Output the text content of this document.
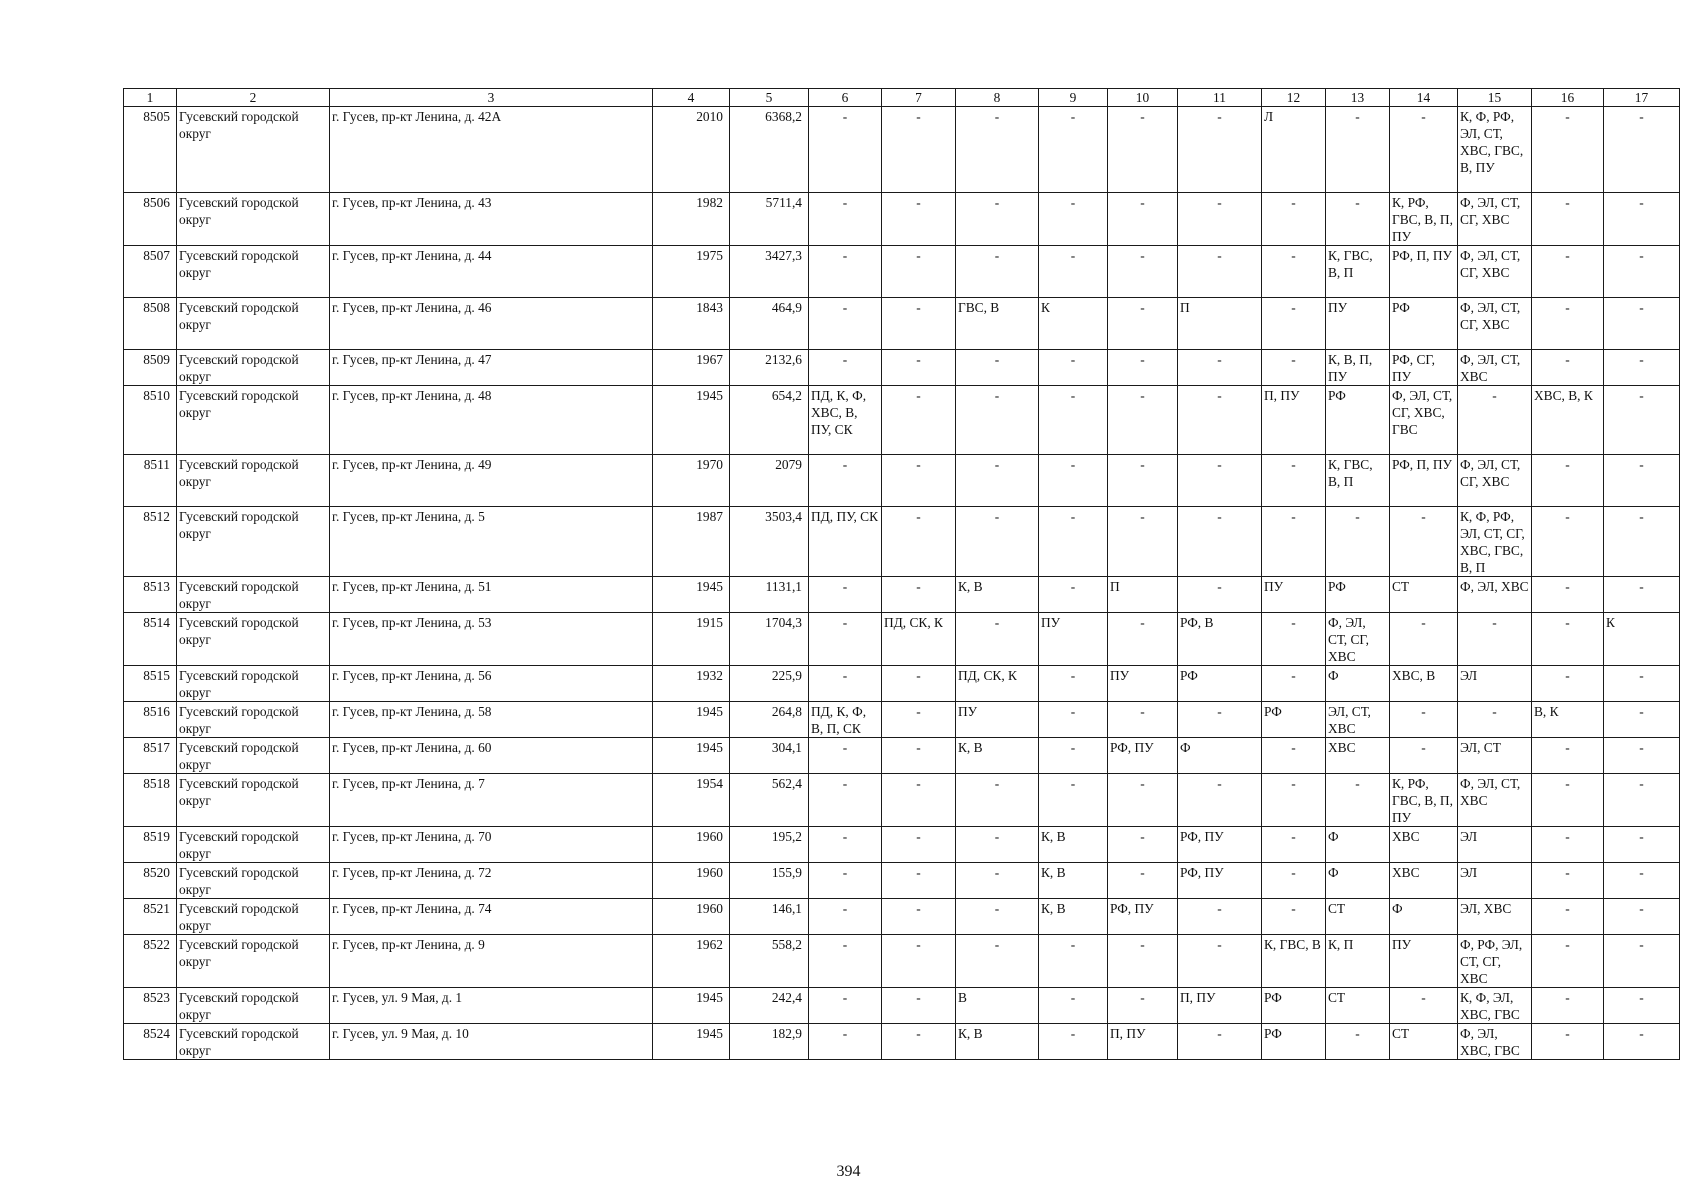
1	2	3	4	5	6	7	8	9	10	11	12	13	14	15	16	17
8505	Гусевский городской округ	г. Гусев, пр-кт Ленина, д. 42А	2010	6368,2	-	-	-	-	-	-	Л	-	-	К, Ф, РФ, ЭЛ, СТ, ХВС, ГВС, В, ПУ	-	-
8506	Гусевский городской округ	г. Гусев, пр-кт Ленина, д. 43	1982	5711,4	-	-	-	-	-	-	-	-	К, РФ, ГВС, В, П, ПУ	Ф, ЭЛ, СТ, СГ, ХВС	-	-
8507	Гусевский городской округ	г. Гусев, пр-кт Ленина, д. 44	1975	3427,3	-	-	-	-	-	-	-	К, ГВС, В, П	РФ, П, ПУ	Ф, ЭЛ, СТ, СГ, ХВС	-	-
8508	Гусевский городской округ	г. Гусев, пр-кт Ленина, д. 46	1843	464,9	-	-	ГВС, В	К	-	П	-	ПУ	РФ	Ф, ЭЛ, СТ, СГ, ХВС	-	-
8509	Гусевский городской округ	г. Гусев, пр-кт Ленина, д. 47	1967	2132,6	-	-	-	-	-	-	-	К, В, П, ПУ	РФ, СГ, ПУ	Ф, ЭЛ, СТ, ХВС	-	-
8510	Гусевский городской округ	г. Гусев, пр-кт Ленина, д. 48	1945	654,2	ПД, К, Ф, ХВС, В, ПУ, СК	-	-	-	-	-	П, ПУ	РФ	Ф, ЭЛ, СТ, СГ, ХВС, ГВС	-	ХВС, В, К	-
8511	Гусевский городской округ	г. Гусев, пр-кт Ленина, д. 49	1970	2079	-	-	-	-	-	-	-	К, ГВС, В, П	РФ, П, ПУ	Ф, ЭЛ, СТ, СГ, ХВС	-	-
8512	Гусевский городской округ	г. Гусев, пр-кт Ленина, д. 5	1987	3503,4	ПД, ПУ, СК	-	-	-	-	-	-	-	-	К, Ф, РФ, ЭЛ, СТ, СГ, ХВС, ГВС, В, П	-	-
8513	Гусевский городской округ	г. Гусев, пр-кт Ленина, д. 51	1945	1131,1	-	-	К, В	-	П	-	ПУ	РФ	СТ	Ф, ЭЛ, ХВС	-	-
8514	Гусевский городской округ	г. Гусев, пр-кт Ленина, д. 53	1915	1704,3	-	ПД, СК, К	-	ПУ	-	РФ, В	-	Ф, ЭЛ, СТ, СГ, ХВС	-	-	-	К
8515	Гусевский городской округ	г. Гусев, пр-кт Ленина, д. 56	1932	225,9	-	-	ПД, СК, К	-	ПУ	РФ	-	Ф	ХВС, В	ЭЛ	-	-
8516	Гусевский городской округ	г. Гусев, пр-кт Ленина, д. 58	1945	264,8	ПД, К, Ф, В, П, СК	-	ПУ	-	-	-	РФ	ЭЛ, СТ, ХВС	-	-	В, К	-
8517	Гусевский городской округ	г. Гусев, пр-кт Ленина, д. 60	1945	304,1	-	-	К, В	-	РФ, ПУ	Ф	-	ХВС	-	ЭЛ, СТ	-	-
8518	Гусевский городской округ	г. Гусев, пр-кт Ленина, д. 7	1954	562,4	-	-	-	-	-	-	-	-	К, РФ, ГВС, В, П, ПУ	Ф, ЭЛ, СТ, ХВС	-	-
8519	Гусевский городской округ	г. Гусев, пр-кт Ленина, д. 70	1960	195,2	-	-	-	К, В	-	РФ, ПУ	-	Ф	ХВС	ЭЛ	-	-
8520	Гусевский городской округ	г. Гусев, пр-кт Ленина, д. 72	1960	155,9	-	-	-	К, В	-	РФ, ПУ	-	Ф	ХВС	ЭЛ	-	-
8521	Гусевский городской округ	г. Гусев, пр-кт Ленина, д. 74	1960	146,1	-	-	-	К, В	РФ, ПУ	-	-	СТ	Ф	ЭЛ, ХВС	-	-
8522	Гусевский городской округ	г. Гусев, пр-кт Ленина, д. 9	1962	558,2	-	-	-	-	-	-	К, ГВС, В	К, П	ПУ	Ф, РФ, ЭЛ, СТ, СГ, ХВС	-	-
8523	Гусевский городской округ	г. Гусев, ул. 9 Мая, д. 1	1945	242,4	-	-	В	-	-	П, ПУ	РФ	СТ	-	К, Ф, ЭЛ, ХВС, ГВС	-	-
8524	Гусевский городской округ	г. Гусев, ул. 9 Мая, д. 10	1945	182,9	-	-	К, В	-	П, ПУ	-	РФ	-	СТ	Ф, ЭЛ, ХВС, ГВС	-	-
394
